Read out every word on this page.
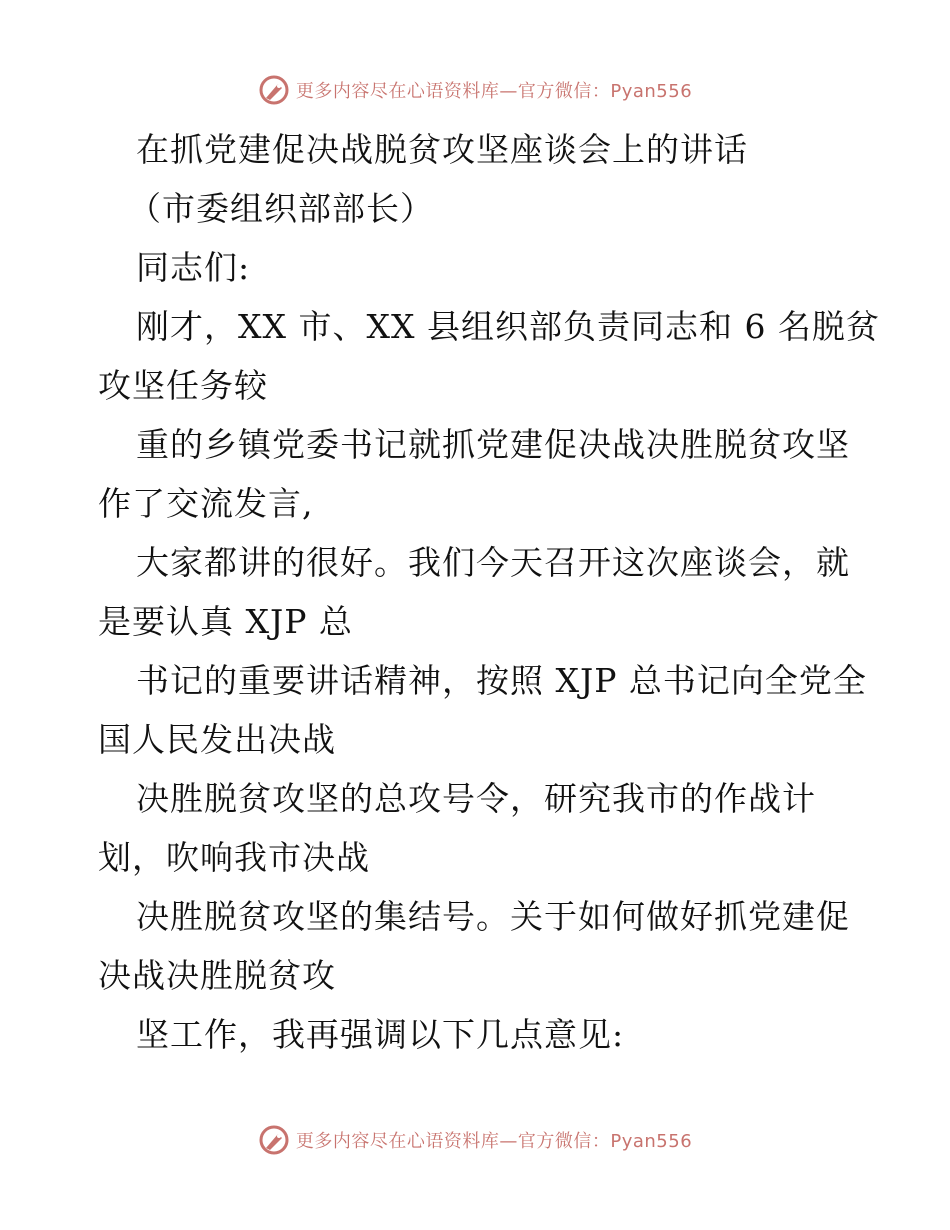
更多内容尽在心语资料库—官方微信：Pyan556
在抓党建促决战脱贫攻坚座谈会上的讲话
（市委组织部部长）
同志们:
刚才，XX 市、XX 县组织部负责同志和 6 名脱贫
攻坚任务较
重的乡镇党委书记就抓党建促决战决胜脱贫攻坚
作了交流发言,
大家都讲的很好。我们今天召开这次座谈会，就
是要认真 XJP 总
书记的重要讲话精神，按照 XJP 总书记向全党全
国人民发出决战
决胜脱贫攻坚的总攻号令，研究我市的作战计
划，吹响我市决战
决胜脱贫攻坚的集结号。关于如何做好抓党建促
决战决胜脱贫攻
坚工作，我再强调以下几点意见:
更多内容尽在心语资料库—官方微信：Pyan556
